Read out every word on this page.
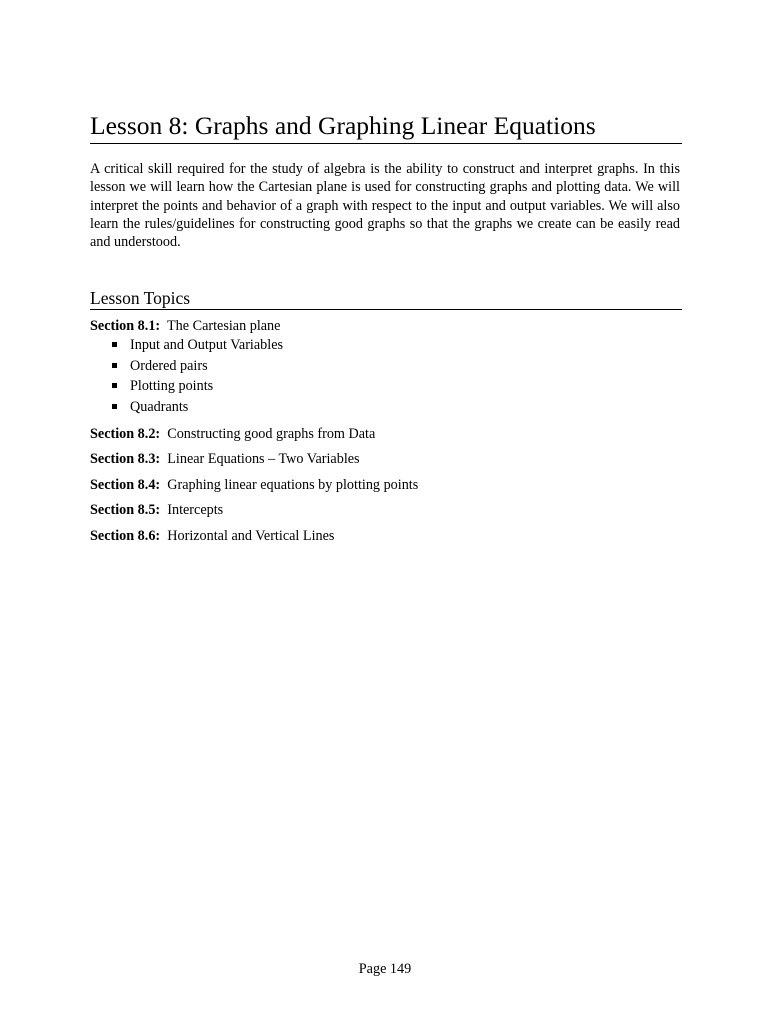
Lesson 8: Graphs and Graphing Linear Equations

A critical skill required for the study of algebra is the ability to construct and interpret graphs. In this lesson we will learn how the Cartesian plane is used for constructing graphs and plotting data. We will interpret the points and behavior of a graph with respect to the input and output variables. We will also learn the rules/guidelines for constructing good graphs so that the graphs we create can be easily read and understood.

Lesson Topics
Section 8.1: The Cartesian plane
Input and Output Variables
Ordered pairs
Plotting points
Quadrants
Section 8.2: Constructing good graphs from Data
Section 8.3: Linear Equations – Two Variables
Section 8.4: Graphing linear equations by plotting points
Section 8.5: Intercepts
Section 8.6: Horizontal and Vertical Lines
Page 149
